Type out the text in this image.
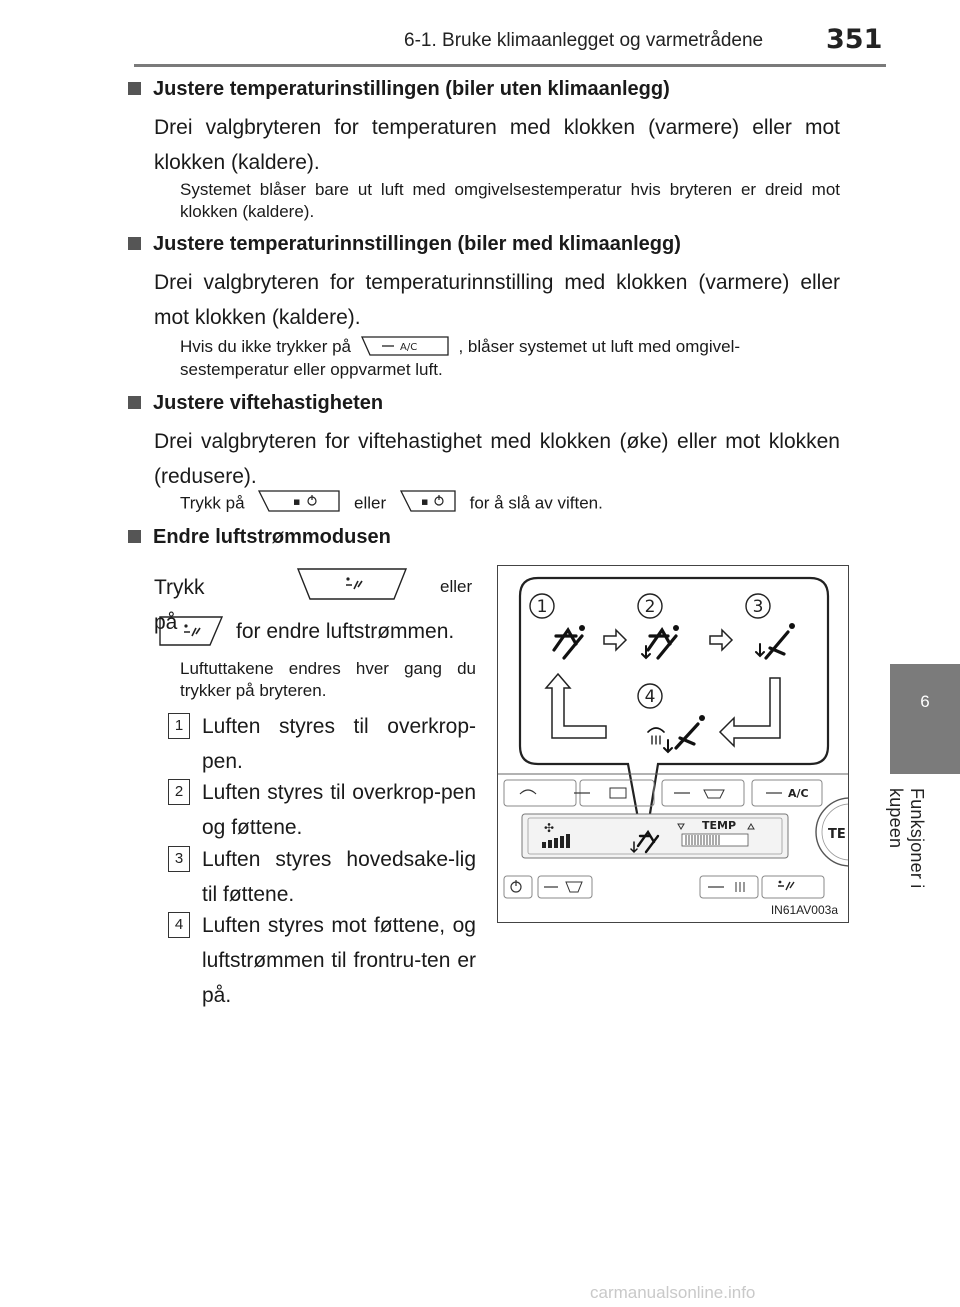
6-1. Bruke klimaanlegget og varmetrådene 351
6
Funksjoner i kupeen
Justere temperaturinstillingen (biler uten klimaanlegg)
Drei valgbryteren for temperaturen med klokken (varmere) eller mot klokken (kaldere).
Systemet blåser bare ut luft med omgivelsestemperatur hvis bryteren er dreid mot klokken (kaldere).
Justere temperaturinnstillingen (biler med klimaanlegg)
Drei valgbryteren for temperaturinnstilling med klokken (varmere) eller mot klokken (kaldere).
Hvis du ikke trykker på	A/C , blåser systemet ut luft med omgivel-
sestemperatur eller oppvarmet luft.
Justere viftehastigheten
Drei valgbryteren for viftehastighet med klokken (øke) eller mot klokken (redusere).
Trykk på	▪	eller	▪ for å slå av viften.
Endre luftstrømmodusen
Trykk på
eller
for endre luftstrømmen.
Luftuttakene endres hver gang du trykker på bryteren.
1 Luften styres til overkrop-pen.
2 Luften styres til overkrop-pen og føttene.
3 Luften styres hovedsake-lig til føttene.
4 Luften styres mot føttene, og luftstrømmen til frontru-ten er på.
1	2	3
4
A/C
✣	TEMP
TE
IN61AV003a
carmanualsonline.info
